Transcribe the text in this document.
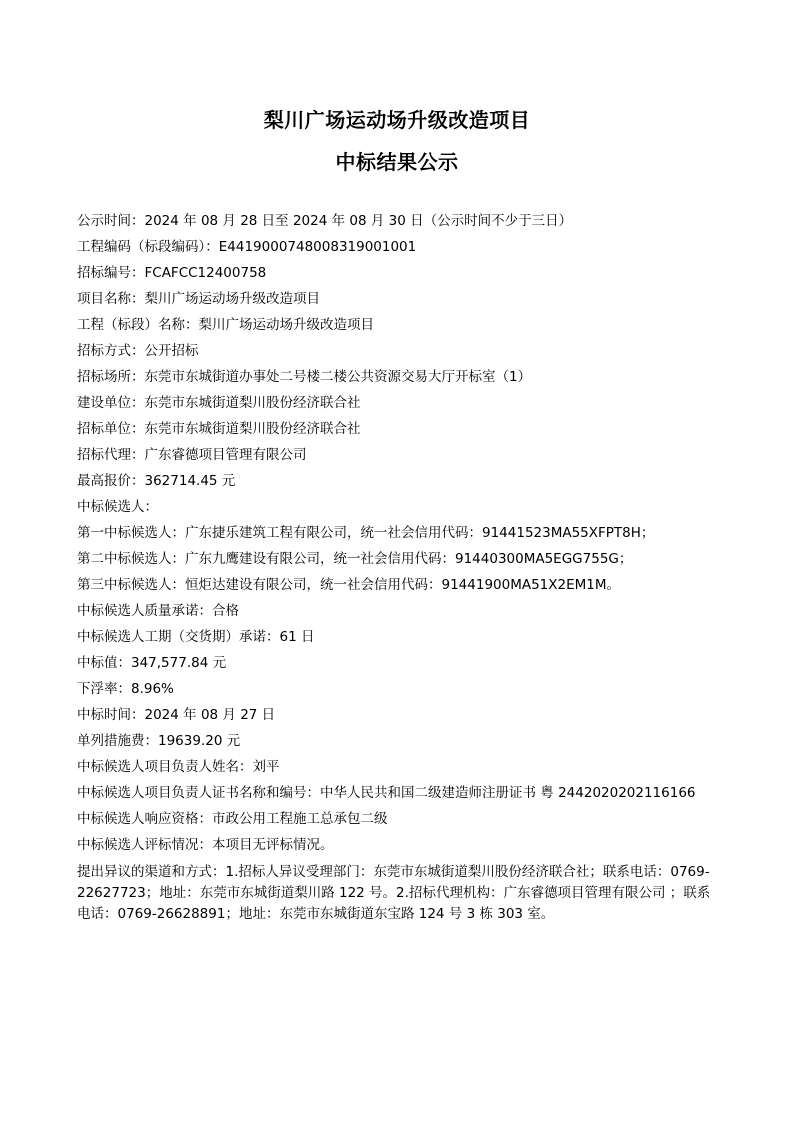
梨川广场运动场升级改造项目
中标结果公示
公示时间：2024 年 08 月 28 日至 2024 年 08 月 30 日（公示时间不少于三日）
工程编码（标段编码）：E4419000748008319001001
招标编号：FCAFCC12400758
项目名称：梨川广场运动场升级改造项目
工程（标段）名称：梨川广场运动场升级改造项目
招标方式：公开招标
招标场所：东莞市东城街道办事处二号楼二楼公共资源交易大厅开标室（1）
建设单位：东莞市东城街道梨川股份经济联合社
招标单位：东莞市东城街道梨川股份经济联合社
招标代理：广东睿德项目管理有限公司
最高报价：362714.45 元
中标候选人：
第一中标候选人：广东捷乐建筑工程有限公司，统一社会信用代码：91441523MA55XFPT8H；
第二中标候选人：广东九鹰建设有限公司，统一社会信用代码：91440300MA5EGG755G；
第三中标候选人：恒炬达建设有限公司，统一社会信用代码：91441900MA51X2EM1M。
中标候选人质量承诺：合格
中标候选人工期（交货期）承诺：61 日
中标值：347,577.84 元
下浮率：8.96%
中标时间：2024 年 08 月 27 日
单列措施费：19639.20 元
中标候选人项目负责人姓名：刘平
中标候选人项目负责人证书名称和编号：中华人民共和国二级建造师注册证书 粤 2442020202116166
中标候选人响应资格：市政公用工程施工总承包二级
中标候选人评标情况：本项目无评标情况。
提出异议的渠道和方式：1.招标人异议受理部门：东莞市东城街道梨川股份经济联合社；联系电话：0769-22627723；地址：东莞市东城街道梨川路 122 号。2.招标代理机构：广东睿德项目管理有限公司 ；联系电话：0769-26628891；地址：东莞市东城街道东宝路 124 号 3 栋 303 室。
